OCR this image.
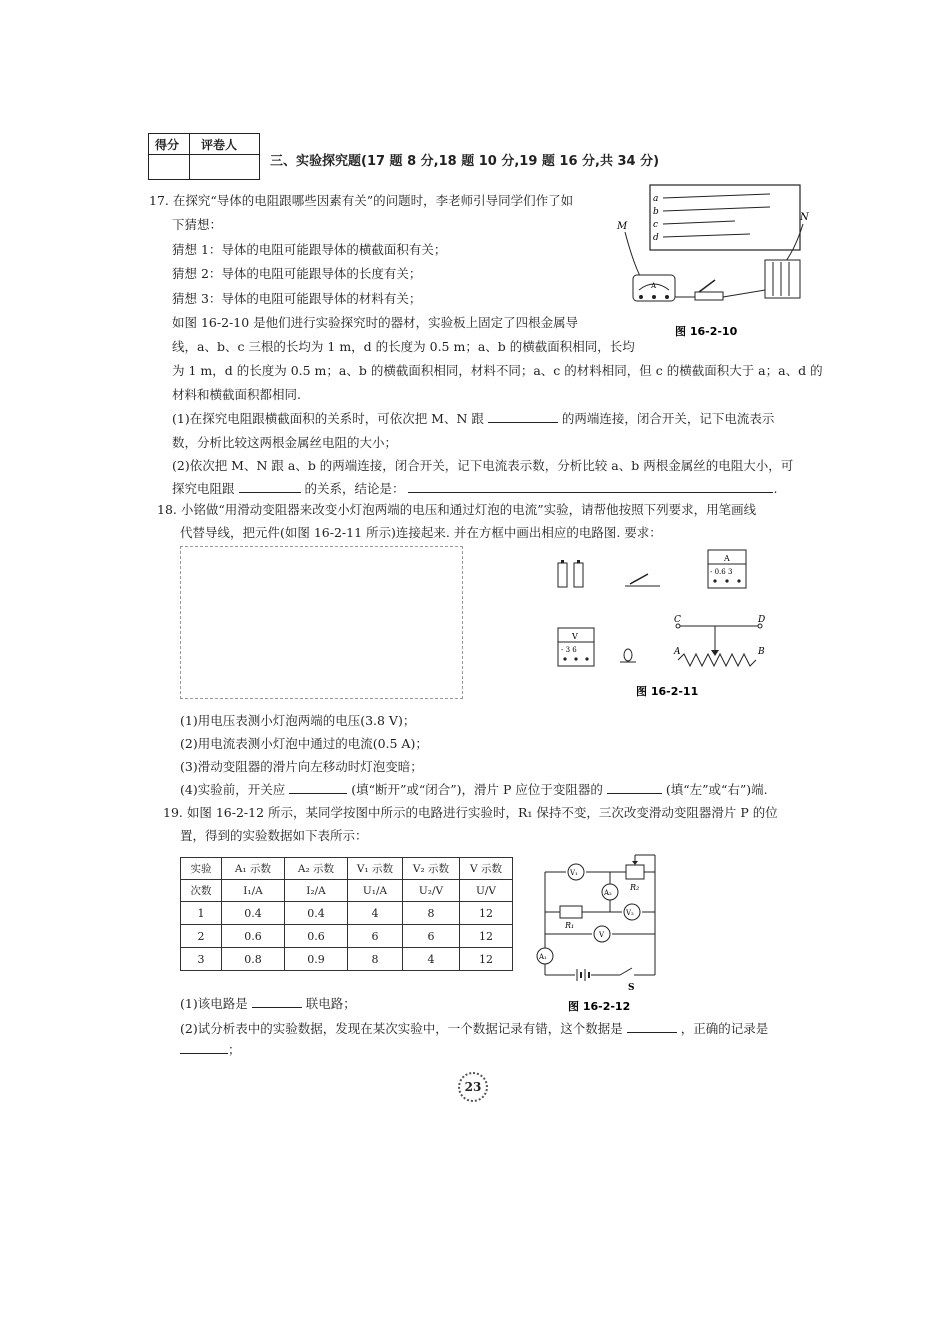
得分 评卷人
三、实验探究题(17 题 8 分,18 题 10 分,19 题 16 分,共 34 分)
17. 在探究“导体的电阻跟哪些因素有关”的问题时，李老师引导同学们作了如
下猜想：
猜想 1：导体的电阻可能跟导体的横截面积有关；
猜想 2：导体的电阻可能跟导体的长度有关；
猜想 3：导体的电阻可能跟导体的材料有关；
如图 16-2-10 是他们进行实验探究时的器材，实验板上固定了四根金属导
线，a、b、c 三根的长均为 1 m，d 的长度为 0.5 m；a、b 的横截面积相同，长均
为 1 m，d 的长度为 0.5 m；a、b 的横截面积相同，材料不同；a、c 的材料相同，但 c 的横截面积大于 a；a、d 的
材料和横截面积都相同.
(1)在探究电阻跟横截面积的关系时，可依次把 M、N 跟	的两端连接，闭合开关，记下电流表示
数，分析比较这两根金属丝电阻的大小；
(2)依次把 M、N 跟 a、b 的两端连接，闭合开关，记下电流表示数，分析比较 a、b 两根金属丝的电阻大小，可
探究电阻跟	的关系，结论是：	.
a
b
c
d
M
N
A
图 16-2-10
18. 小铭做“用滑动变阻器来改变小灯泡两端的电压和通过灯泡的电流”实验，请帮他按照下列要求，用笔画线
代替导线，把元件(如图 16-2-11 所示)连接起来. 并在方框中画出相应的电路图. 要求：
A
- 0.6 3
V
- 3 6
C	D
A	B
图 16-2-11
(1)用电压表测小灯泡两端的电压(3.8 V)；
(2)用电流表测小灯泡中通过的电流(0.5 A)；
(3)滑动变阻器的滑片向左移动时灯泡变暗；
(4)实验前，开关应	(填“断开”或“闭合”)，滑片 P 应位于变阻器的	(填“左”或“右”)端.
19. 如图 16-2-12 所示，某同学按图中所示的电路进行实验时，R₁ 保持不变，三次改变滑动变阻器滑片 P 的位
置，得到的实验数据如下表所示：
实验	A₁ 示数	A₂ 示数	V₁ 示数	V₂ 示数	V 示数
次数	I₁/A	I₂/A	U₁/A	U₂/V	U/V
1	0.4	0.4	4	8	12
2	0.6	0.6	6	6	12
3	0.8	0.9	8	4	12
V₁
A₂
R₂
R₁
V₂
V
A₁
S
图 16-2-12
(1)该电路是	联电路；
(2)试分析表中的实验数据，发现在某次实验中，一个数据记录有错，这个数据是	，正确的记录是
；
23
